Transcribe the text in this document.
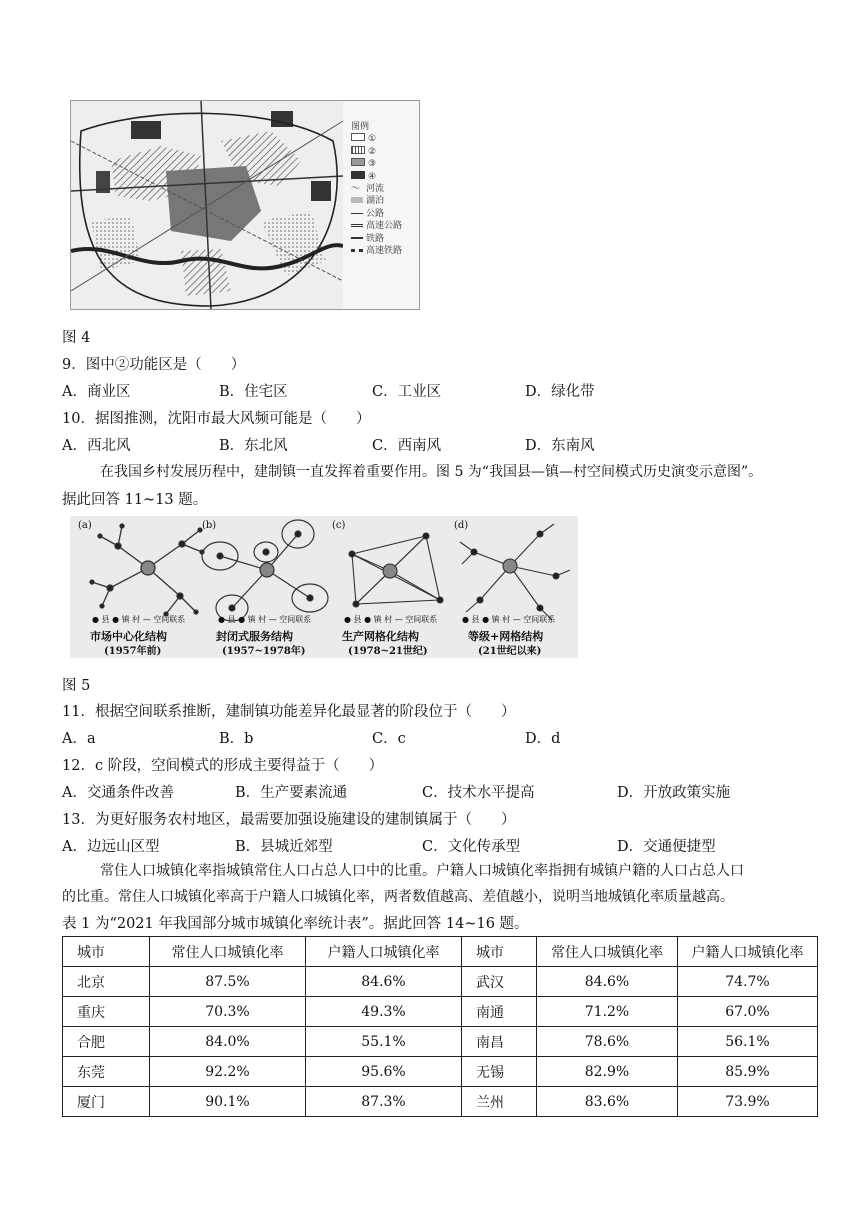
图例
①
②
③
④
〜 河流
湖泊
公路
高速公路
铁路
高速铁路
图 4
9．图中②功能区是（　　）
A．商业区	B．住宅区	C．工业区	D．绿化带
10．据图推测，沈阳市最大风频可能是（　　）
A．西北风	B．东北风	C．西南风	D．东南风
在我国乡村发展历程中，建制镇一直发挥着重要作用。图 5 为“我国县—镇—村空间模式历史演变示意图”。
据此回答 11~13 题。
(a)	(b)	(c)	(d)
● 县 ● 镇 村 — 空间联系	● 县 ● 镇 村 — 空间联系	● 县 ● 镇 村 — 空间联系	● 县 ● 镇 村 — 空间联系
市场中心化结构
(1957年前)
封闭式服务结构
(1957~1978年)
生产网格化结构
(1978~21世纪)
等级+网格结构
(21世纪以来)
图 5
11．根据空间联系推断，建制镇功能差异化最显著的阶段位于（　　）
A．a	B．b	C．c	D．d
12．c 阶段，空间模式的形成主要得益于（　　）
A．交通条件改善	B．生产要素流通	C．技术水平提高	D．开放政策实施
13．为更好服务农村地区，最需要加强设施建设的建制镇属于（　　）
A．边远山区型	B．县城近郊型	C．文化传承型	D．交通便捷型
常住人口城镇化率指城镇常住人口占总人口中的比重。户籍人口城镇化率指拥有城镇户籍的人口占总人口
的比重。常住人口城镇化率高于户籍人口城镇化率，两者数值越高、差值越小，说明当地城镇化率质量越高。
表 1 为“2021 年我国部分城市城镇化率统计表”。据此回答 14~16 题。
城市	常住人口城镇化率	户籍人口城镇化率	城市	常住人口城镇化率	户籍人口城镇化率
北京	87.5%	84.6%	武汉	84.6%	74.7%
重庆	70.3%	49.3%	南通	71.2%	67.0%
合肥	84.0%	55.1%	南昌	78.6%	56.1%
东莞	92.2%	95.6%	无锡	82.9%	85.9%
厦门	90.1%	87.3%	兰州	83.6%	73.9%
